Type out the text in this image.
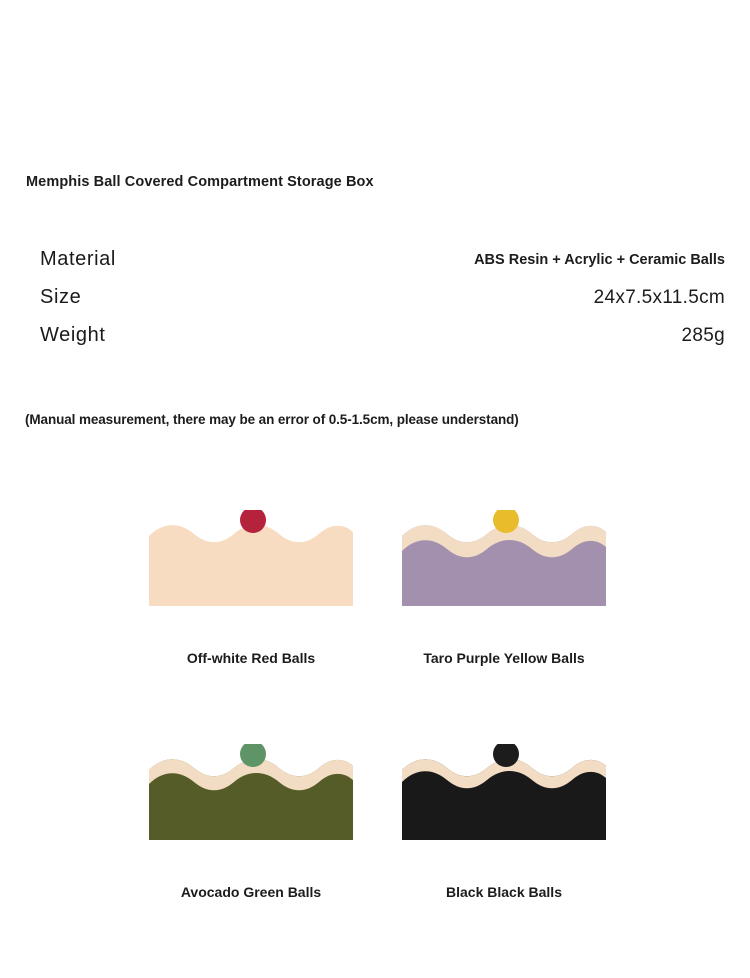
Memphis Ball Covered Compartment Storage Box
Material	ABS Resin + Acrylic + Ceramic Balls
Size	24x7.5x11.5cm
Weight	285g
(Manual measurement, there may be an error of 0.5-1.5cm, please understand)
Off-white Red Balls	Taro Purple Yellow Balls
Avocado Green Balls	Black Black Balls
